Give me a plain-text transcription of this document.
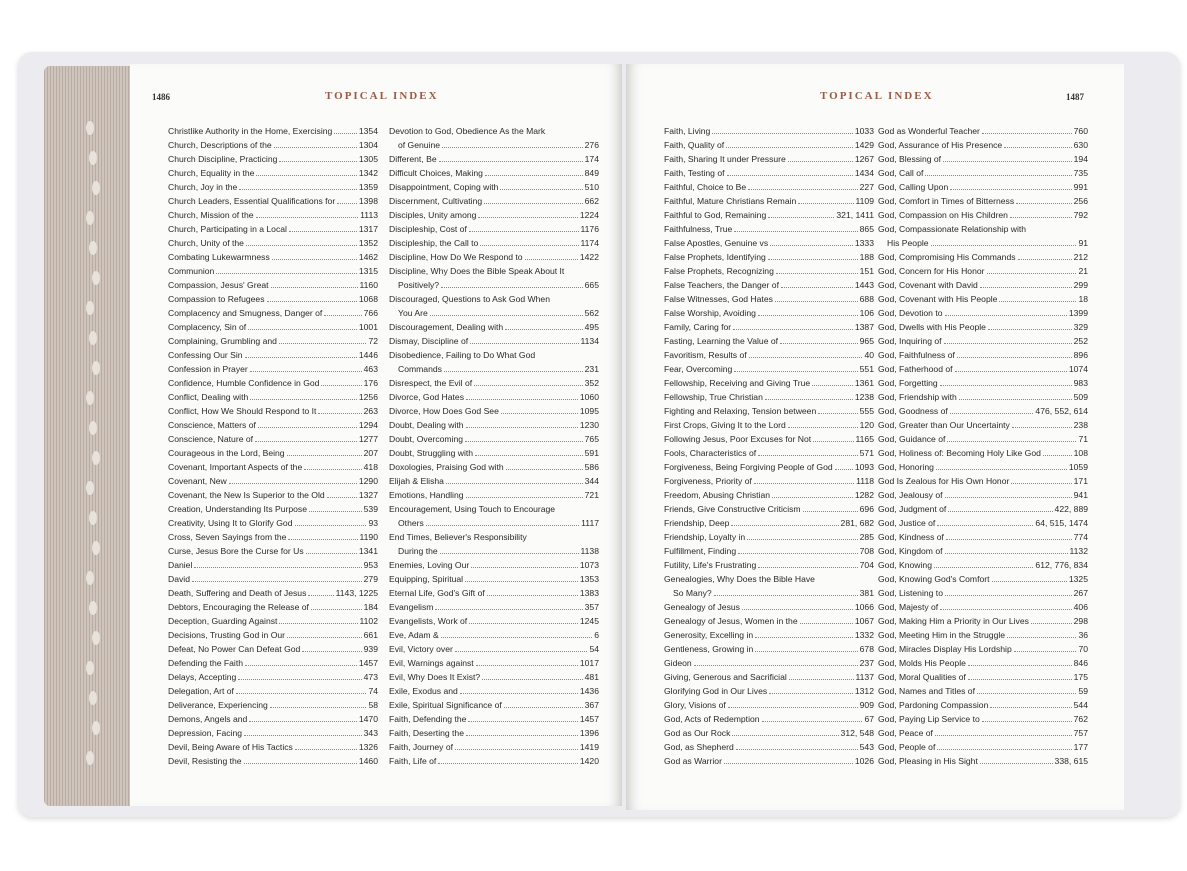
1486	TOPICAL INDEX
Christlike Authority in the Home, Exercising	1354
Church, Descriptions of the	1304
Church Discipline, Practicing	1305
Church, Equality in the	1342
Church, Joy in the	1359
Church Leaders, Essential Qualifications for	1398
Church, Mission of the	1113
Church, Participating in a Local	1317
Church, Unity of the	1352
Combating Lukewarmness	1462
Communion	1315
Compassion, Jesus' Great	1160
Compassion to Refugees	1068
Complacency and Smugness, Danger of	766
Complacency, Sin of	1001
Complaining, Grumbling and	72
Confessing Our Sin	1446
Confession in Prayer	463
Confidence, Humble Confidence in God	176
Conflict, Dealing with	1256
Conflict, How We Should Respond to It	263
Conscience, Matters of	1294
Conscience, Nature of	1277
Courageous in the Lord, Being	207
Covenant, Important Aspects of the	418
Covenant, New	1290
Covenant, the New Is Superior to the Old	1327
Creation, Understanding Its Purpose	539
Creativity, Using It to Glorify God	93
Cross, Seven Sayings from the	1190
Curse, Jesus Bore the Curse for Us	1341
Daniel	953
David	279
Death, Suffering and Death of Jesus	1143, 1225
Debtors, Encouraging the Release of	184
Deception, Guarding Against	1102
Decisions, Trusting God in Our	661
Defeat, No Power Can Defeat God	939
Defending the Faith	1457
Delays, Accepting	473
Delegation, Art of	74
Deliverance, Experiencing	58
Demons, Angels and	1470
Depression, Facing	343
Devil, Being Aware of His Tactics	1326
Devil, Resisting the	1460
Devotion to God, Obedience As the Mark
of Genuine	276
Different, Be	174
Difficult Choices, Making	849
Disappointment, Coping with	510
Discernment, Cultivating	662
Disciples, Unity among	1224
Discipleship, Cost of	1176
Discipleship, the Call to	1174
Discipline, How Do We Respond to	1422
Discipline, Why Does the Bible Speak About It
Positively?	665
Discouraged, Questions to Ask God When
You Are	562
Discouragement, Dealing with	495
Dismay, Discipline of	1134
Disobedience, Failing to Do What God
Commands	231
Disrespect, the Evil of	352
Divorce, God Hates	1060
Divorce, How Does God See	1095
Doubt, Dealing with	1230
Doubt, Overcoming	765
Doubt, Struggling with	591
Doxologies, Praising God with	586
Elijah & Elisha	344
Emotions, Handling	721
Encouragement, Using Touch to Encourage
Others	1117
End Times, Believer's Responsibility
During the	1138
Enemies, Loving Our	1073
Equipping, Spiritual	1353
Eternal Life, God's Gift of	1383
Evangelism	357
Evangelists, Work of	1245
Eve, Adam &	6
Evil, Victory over	54
Evil, Warnings against	1017
Evil, Why Does It Exist?	481
Exile, Exodus and	1436
Exile, Spiritual Significance of	367
Faith, Defending the	1457
Faith, Deserting the	1396
Faith, Journey of	1419
Faith, Life of	1420
TOPICAL INDEX	1487
Faith, Living	1033
Faith, Quality of	1429
Faith, Sharing It under Pressure	1267
Faith, Testing of	1434
Faithful, Choice to Be	227
Faithful, Mature Christians Remain	1109
Faithful to God, Remaining	321, 1411
Faithfulness, True	865
False Apostles, Genuine vs	1333
False Prophets, Identifying	188
False Prophets, Recognizing	151
False Teachers, the Danger of	1443
False Witnesses, God Hates	688
False Worship, Avoiding	106
Family, Caring for	1387
Fasting, Learning the Value of	965
Favoritism, Results of	40
Fear, Overcoming	551
Fellowship, Receiving and Giving True	1361
Fellowship, True Christian	1238
Fighting and Relaxing, Tension between	555
First Crops, Giving It to the Lord	120
Following Jesus, Poor Excuses for Not	1165
Fools, Characteristics of	571
Forgiveness, Being Forgiving People of God	1093
Forgiveness, Priority of	1118
Freedom, Abusing Christian	1282
Friends, Give Constructive Criticism	696
Friendship, Deep	281, 682
Friendship, Loyalty in	285
Fulfillment, Finding	708
Futility, Life's Frustrating	704
Genealogies, Why Does the Bible Have
So Many?	381
Genealogy of Jesus	1066
Genealogy of Jesus, Women in the	1067
Generosity, Excelling in	1332
Gentleness, Growing in	678
Gideon	237
Giving, Generous and Sacrificial	1137
Glorifying God in Our Lives	1312
Glory, Visions of	909
God, Acts of Redemption	67
God as Our Rock	312, 548
God, as Shepherd	543
God as Warrior	1026
God as Wonderful Teacher	760
God, Assurance of His Presence	630
God, Blessing of	194
God, Call of	735
God, Calling Upon	991
God, Comfort in Times of Bitterness	256
God, Compassion on His Children	792
God, Compassionate Relationship with
His People	91
God, Compromising His Commands	212
God, Concern for His Honor	21
God, Covenant with David	299
God, Covenant with His People	18
God, Devotion to	1399
God, Dwells with His People	329
God, Inquiring of	252
God, Faithfulness of	896
God, Fatherhood of	1074
God, Forgetting	983
God, Friendship with	509
God, Goodness of	476, 552, 614
God, Greater than Our Uncertainty	238
God, Guidance of	71
God, Holiness of: Becoming Holy Like God	108
God, Honoring	1059
God Is Zealous for His Own Honor	171
God, Jealousy of	941
God, Judgment of	422, 889
God, Justice of	64, 515, 1474
God, Kindness of	774
God, Kingdom of	1132
God, Knowing	612, 776, 834
God, Knowing God's Comfort	1325
God, Listening to	267
God, Majesty of	406
God, Making Him a Priority in Our Lives	298
God, Meeting Him in the Struggle	36
God, Miracles Display His Lordship	70
God, Molds His People	846
God, Moral Qualities of	175
God, Names and Titles of	59
God, Pardoning Compassion	544
God, Paying Lip Service to	762
God, Peace of	757
God, People of	177
God, Pleasing in His Sight	338, 615
